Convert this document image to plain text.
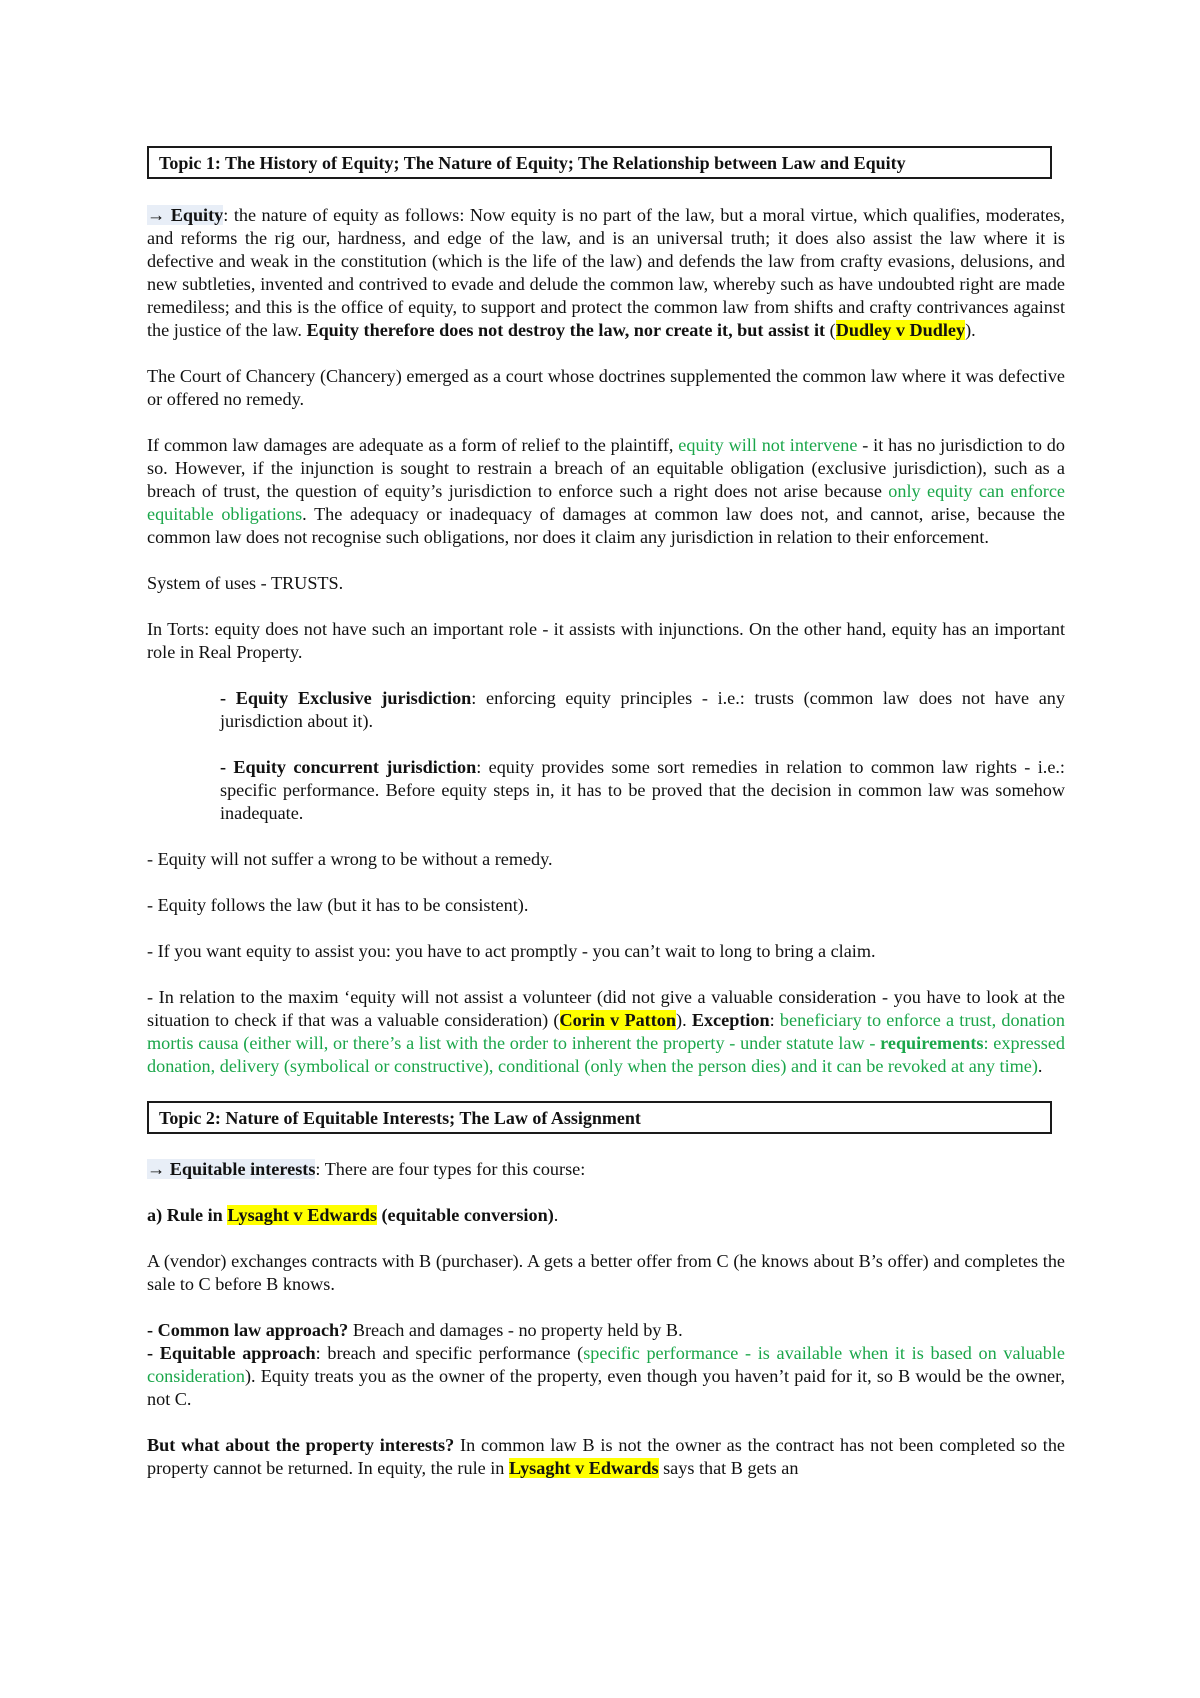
Topic 1: The History of Equity; The Nature of Equity; The Relationship between Law and Equity

→ Equity: the nature of equity as follows: Now equity is no part of the law, but a moral virtue, which qualifies, moderates, and reforms the rig our, hardness, and edge of the law, and is an universal truth; it does also assist the law where it is defective and weak in the constitution (which is the life of the law) and defends the law from crafty evasions, delusions, and new subtleties, invented and contrived to evade and delude the common law, whereby such as have undoubted right are made remediless; and this is the office of equity, to support and protect the common law from shifts and crafty contrivances against the justice of the law. Equity therefore does not destroy the law, nor create it, but assist it (Dudley v Dudley).

The Court of Chancery (Chancery) emerged as a court whose doctrines supplemented the common law where it was defective or offered no remedy.

If common law damages are adequate as a form of relief to the plaintiff, equity will not intervene - it has no jurisdiction to do so. However, if the injunction is sought to restrain a breach of an equitable obligation (exclusive jurisdiction), such as a breach of trust, the question of equity’s jurisdiction to enforce such a right does not arise because only equity can enforce equitable obligations. The adequacy or inadequacy of damages at common law does not, and cannot, arise, because the common law does not recognise such obligations, nor does it claim any jurisdiction in relation to their enforcement.

System of uses - TRUSTS.

In Torts: equity does not have such an important role - it assists with injunctions. On the other hand, equity has an important role in Real Property.

- Equity Exclusive jurisdiction: enforcing equity principles - i.e.: trusts (common law does not have any jurisdiction about it).

- Equity concurrent jurisdiction: equity provides some sort remedies in relation to common law rights - i.e.: specific performance. Before equity steps in, it has to be proved that the decision in common law was somehow inadequate.

- Equity will not suffer a wrong to be without a remedy.

- Equity follows the law (but it has to be consistent).

- If you want equity to assist you: you have to act promptly - you can’t wait to long to bring a claim.

- In relation to the maxim ‘equity will not assist a volunteer (did not give a valuable consideration - you have to look at the situation to check if that was a valuable consideration) (Corin v Patton). Exception: beneficiary to enforce a trust, donation mortis causa (either will, or there’s a list with the order to inherent the property - under statute law - requirements: expressed donation, delivery (symbolical or constructive), conditional (only when the person dies) and it can be revoked at any time).

Topic 2: Nature of Equitable Interests; The Law of Assignment

→ Equitable interests: There are four types for this course:

a) Rule in Lysaght v Edwards (equitable conversion).

A (vendor) exchanges contracts with B (purchaser). A gets a better offer from C (he knows about B’s offer) and completes the sale to C before B knows.

- Common law approach? Breach and damages - no property held by B.

- Equitable approach: breach and specific performance (specific performance - is available when it is based on valuable consideration). Equity treats you as the owner of the property, even though you haven’t paid for it, so B would be the owner, not C.

But what about the property interests? In common law B is not the owner as the contract has not been completed so the property cannot be returned. In equity, the rule in Lysaght v Edwards says that B gets an
